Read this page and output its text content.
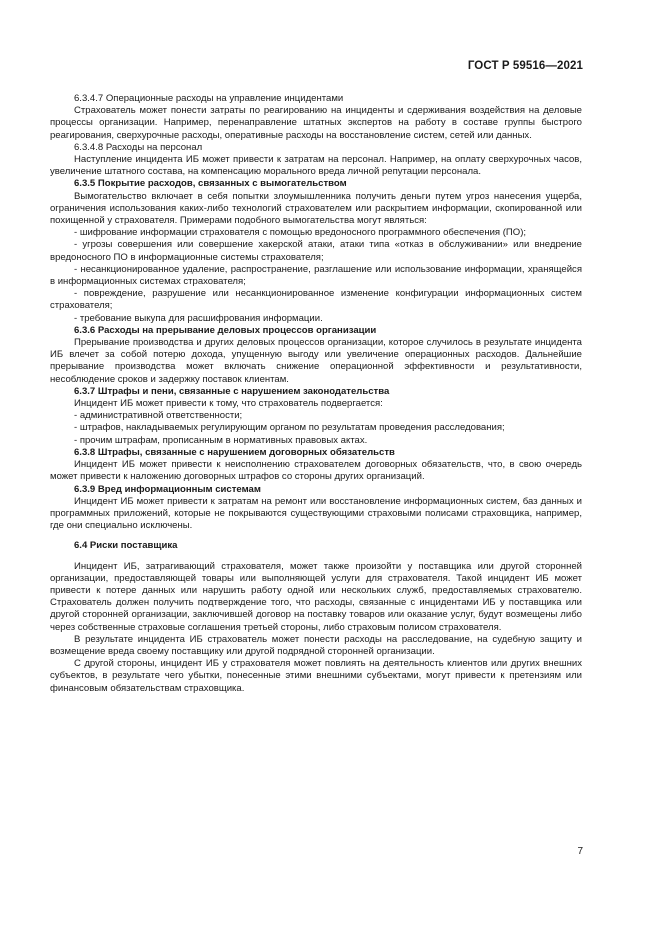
ГОСТ Р 59516—2021

6.3.4.7 Операционные расходы на управление инцидентами

Страхователь может понести затраты по реагированию на инциденты и сдерживания воздействия на деловые процессы организации. Например, перенаправление штатных экспертов на работу в составе группы быстрого реагирования, сверхурочные расходы, оперативные расходы на восстановление систем, сетей или данных.

6.3.4.8 Расходы на персонал

Наступление инцидента ИБ может привести к затратам на персонал. Например, на оплату сверхурочных часов, увеличение штатного состава, на компенсацию морального вреда личной репутации персонала.

6.3.5 Покрытие расходов, связанных с вымогательством

Вымогательство включает в себя попытки злоумышленника получить деньги путем угроз нанесения ущерба, ограничения использования каких-либо технологий страхователем или раскрытием информации, скопированной или похищенной у страхователя. Примерами подобного вымогательства могут являться:

- шифрование информации страхователя с помощью вредоносного программного обеспечения (ПО);

- угрозы совершения или совершение хакерской атаки, атаки типа «отказ в обслуживании» или внедрение вредоносного ПО в информационные системы страхователя;

- несанкционированное удаление, распространение, разглашение или использование информации, хранящейся в информационных системах страхователя;

- повреждение, разрушение или несанкционированное изменение конфигурации информационных систем страхователя;

- требование выкупа для расшифрования информации.

6.3.6 Расходы на прерывание деловых процессов организации

Прерывание производства и других деловых процессов организации, которое случилось в результате инцидента ИБ влечет за собой потерю дохода, упущенную выгоду или увеличение операционных расходов. Дальнейшие прерывание производства может включать снижение операционной эффективности и результативности, несоблюдение сроков и задержку поставок клиентам.

6.3.7 Штрафы и пени, связанные с нарушением законодательства

Инцидент ИБ может привести к тому, что страхователь подвергается:

- административной ответственности;

- штрафов, накладываемых регулирующим органом по результатам проведения расследования;

- прочим штрафам, прописанным в нормативных правовых актах.

6.3.8 Штрафы, связанные с нарушением договорных обязательств

Инцидент ИБ может привести к неисполнению страхователем договорных обязательств, что, в свою очередь может привести к наложению договорных штрафов со стороны других организаций.

6.3.9 Вред информационным системам

Инцидент ИБ может привести к затратам на ремонт или восстановление информационных систем, баз данных и программных приложений, которые не покрываются существующими страховыми полисами страховщика, например, где они специально исключены.

6.4 Риски поставщика

Инцидент ИБ, затрагивающий страхователя, может также произойти у поставщика или другой сторонней организации, предоставляющей товары или выполняющей услуги для страхователя. Такой инцидент ИБ может привести к потере данных или нарушить работу одной или нескольких служб, предоставляемых страхователю. Страхователь должен получить подтверждение того, что расходы, связанные с инцидентами ИБ у поставщика или другой сторонней организации, заключившей договор на поставку товаров или оказание услуг, будут возмещены либо через собственные страховые соглашения третьей стороны, либо страховым полисом страхователя.

В результате инцидента ИБ страхователь может понести расходы на расследование, на судебную защиту и возмещение вреда своему поставщику или другой подрядной сторонней организации.

С другой стороны, инцидент ИБ у страхователя может повлиять на деятельность клиентов или других внешних субъектов, в результате чего убытки, понесенные этими внешними субъектами, могут привести к претензиям или финансовым обязательствам страховщика.

7
